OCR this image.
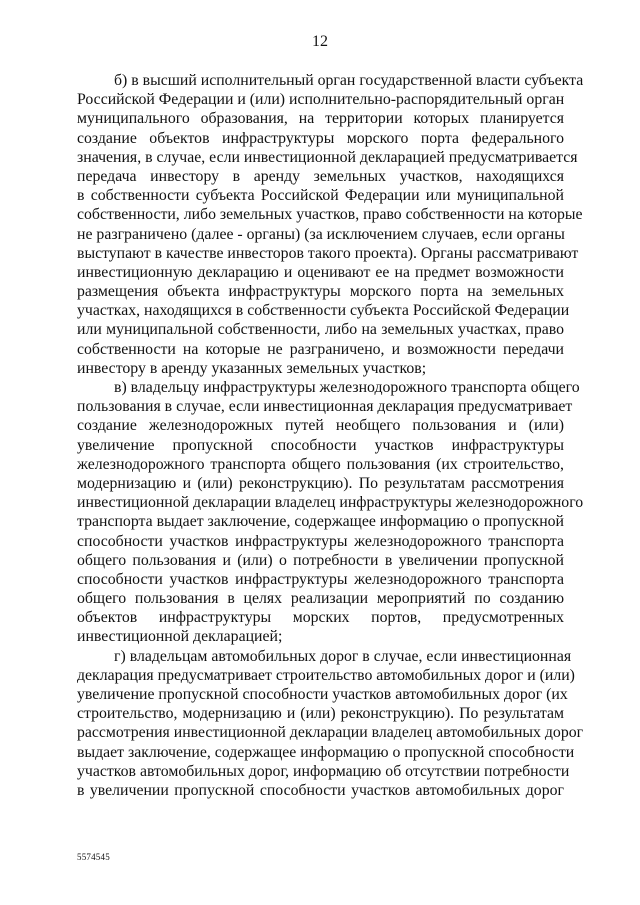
12
б) в высший исполнительный орган государственной власти субъекта
Российской Федерации и (или) исполнительно-распорядительный орган
муниципального образования, на территории которых планируется
создание объектов инфраструктуры морского порта федерального
значения, в случае, если инвестиционной декларацией предусматривается
передача инвестору в аренду земельных участков, находящихся
в собственности субъекта Российской Федерации или муниципальной
собственности, либо земельных участков, право собственности на которые
не разграничено (далее - органы) (за исключением случаев, если органы
выступают в качестве инвесторов такого проекта). Органы рассматривают
инвестиционную декларацию и оценивают ее на предмет возможности
размещения объекта инфраструктуры морского порта на земельных
участках, находящихся в собственности субъекта Российской Федерации
или муниципальной собственности, либо на земельных участках, право
собственности на которые не разграничено, и возможности передачи
инвестору в аренду указанных земельных участков;
в) владельцу инфраструктуры железнодорожного транспорта общего
пользования в случае, если инвестиционная декларация предусматривает
создание железнодорожных путей необщего пользования и (или)
увеличение пропускной способности участков инфраструктуры
железнодорожного транспорта общего пользования (их строительство,
модернизацию и (или) реконструкцию). По результатам рассмотрения
инвестиционной декларации владелец инфраструктуры железнодорожного
транспорта выдает заключение, содержащее информацию о пропускной
способности участков инфраструктуры железнодорожного транспорта
общего пользования и (или) о потребности в увеличении пропускной
способности участков инфраструктуры железнодорожного транспорта
общего пользования в целях реализации мероприятий по созданию
объектов инфраструктуры морских портов, предусмотренных
инвестиционной декларацией;
г) владельцам автомобильных дорог в случае, если инвестиционная
декларация предусматривает строительство автомобильных дорог и (или)
увеличение пропускной способности участков автомобильных дорог (их
строительство, модернизацию и (или) реконструкцию). По результатам
рассмотрения инвестиционной декларации владелец автомобильных дорог
выдает заключение, содержащее информацию о пропускной способности
участков автомобильных дорог, информацию об отсутствии потребности
в увеличении пропускной способности участков автомобильных дорог
5574545
